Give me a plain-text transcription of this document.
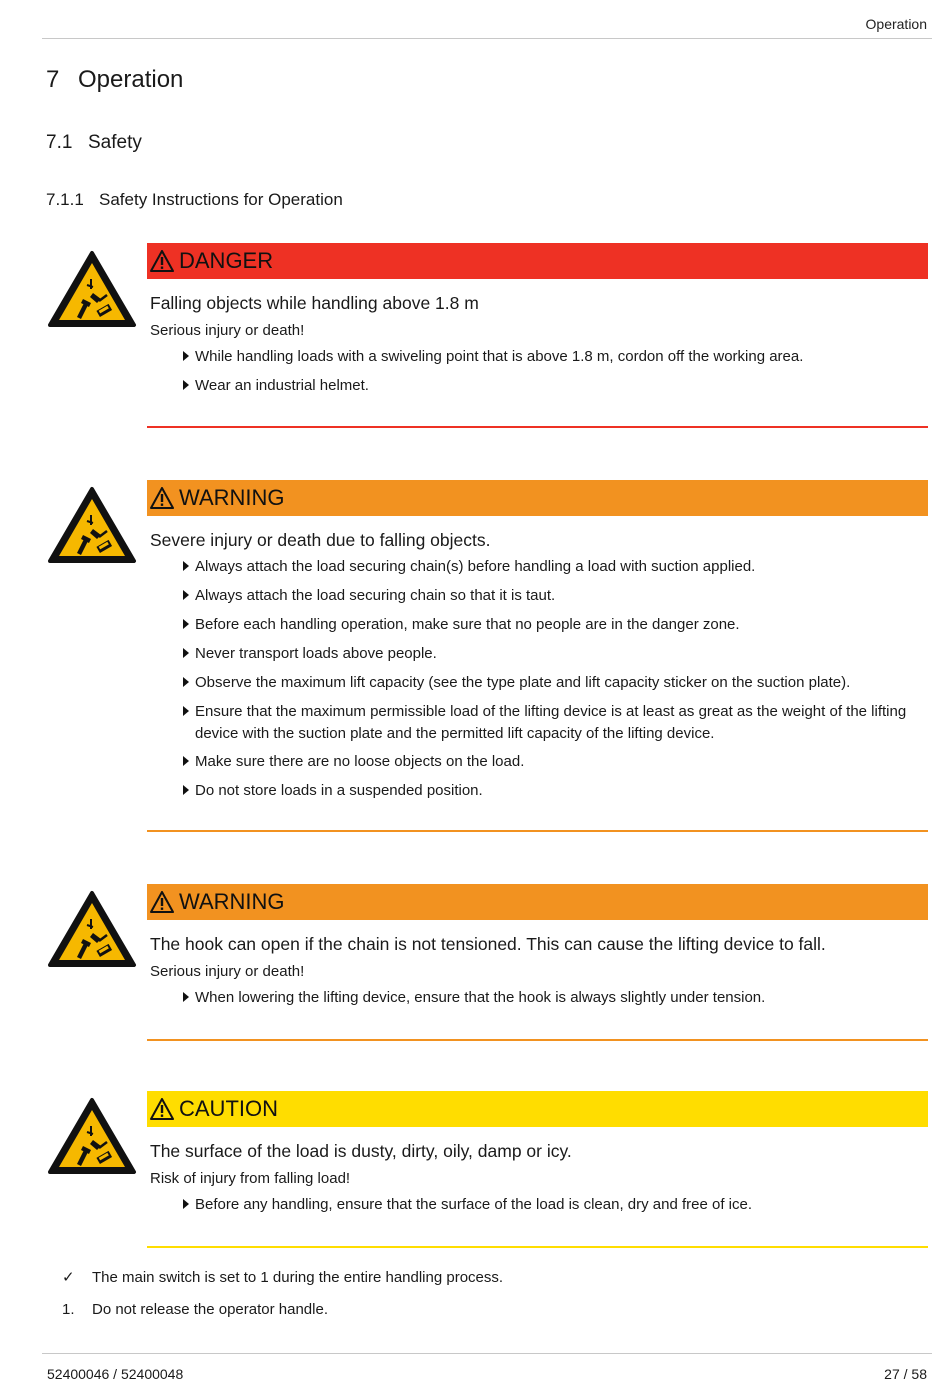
Operation
7 Operation
7.1 Safety
7.1.1 Safety Instructions for Operation
DANGER

Falling objects while handling above 1.8 m

Serious injury or death!

While handling loads with a swiveling point that is above 1.8 m, cordon off the working area.
Wear an industrial helmet.
WARNING

Severe injury or death due to falling objects.

Always attach the load securing chain(s) before handling a load with suction applied.
Always attach the load securing chain so that it is taut.
Before each handling operation, make sure that no people are in the danger zone.
Never transport loads above people.
Observe the maximum lift capacity (see the type plate and lift capacity sticker on the suction plate).
Ensure that the maximum permissible load of the lifting device is at least as great as the weight of the lifting device with the suction plate and the permitted lift capacity of the lifting device.
Make sure there are no loose objects on the load.
Do not store loads in a suspended position.
WARNING

The hook can open if the chain is not tensioned. This can cause the lifting device to fall.

Serious injury or death!

When lowering the lifting device, ensure that the hook is always slightly under tension.
CAUTION

The surface of the load is dusty, dirty, oily, damp or icy.

Risk of injury from falling load!

Before any handling, ensure that the surface of the load is clean, dry and free of ice.
✓ The main switch is set to 1 during the entire handling process.
1. Do not release the operator handle.
52400046 / 52400048	27 / 58
